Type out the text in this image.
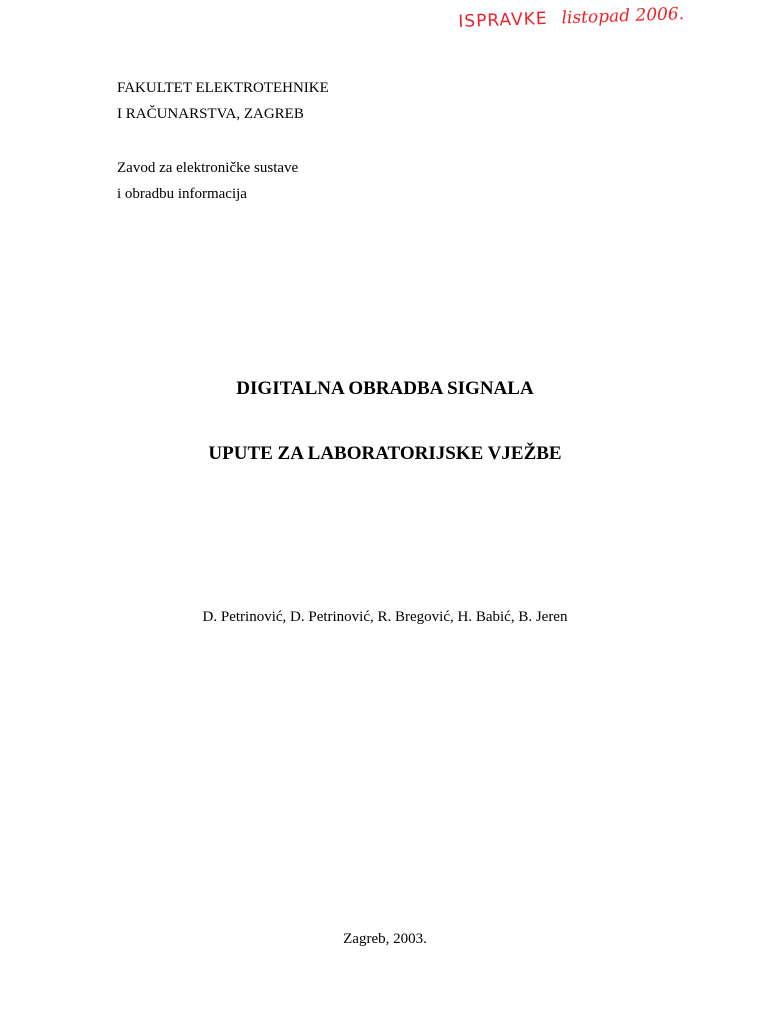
ISPRAVKE listopad 2006.
FAKULTET ELEKTROTEHNIKE
I RAČUNARSTVA, ZAGREB
Zavod za elektroničke sustave
i obradbu informacija
DIGITALNA OBRADBA SIGNALA
UPUTE ZA LABORATORIJSKE VJEŽBE
D. Petrinović, D. Petrinović, R. Bregović, H. Babić, B. Jeren
Zagreb, 2003.
